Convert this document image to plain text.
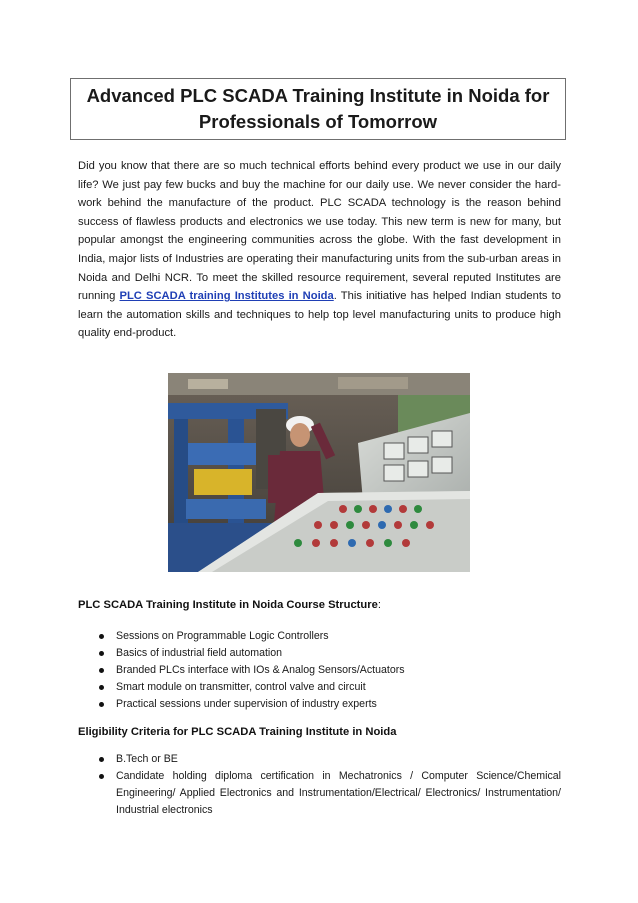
Advanced PLC SCADA Training Institute in Noida for Professionals of Tomorrow

Did you know that there are so much technical efforts behind every product we use in our daily life? We just pay few bucks and buy the machine for our daily use. We never consider the hard-work behind the manufacture of the product. PLC SCADA technology is the reason behind success of flawless products and electronics we use today. This new term is new for many, but popular amongst the engineering communities across the globe. With the fast development in India, major lists of Industries are operating their manufacturing units from the sub-urban areas in Noida and Delhi NCR. To meet the skilled resource requirement, several reputed Institutes are running PLC SCADA training Institutes in Noida. This initiative has helped Indian students to learn the automation skills and techniques to help top level manufacturing units to produce high quality end-product.

PLC SCADA Training Institute in Noida Course Structure:

Sessions on Programmable Logic Controllers
Basics of industrial field automation
Branded PLCs interface with IOs & Analog Sensors/Actuators
Smart module on transmitter, control valve and circuit
Practical sessions under supervision of industry experts

Eligibility Criteria for PLC SCADA Training Institute in Noida

B.Tech or BE
Candidate holding diploma certification in Mechatronics / Computer Science/Chemical Engineering/ Applied Electronics and Instrumentation/Electrical/ Electronics/ Instrumentation/ Industrial electronics
